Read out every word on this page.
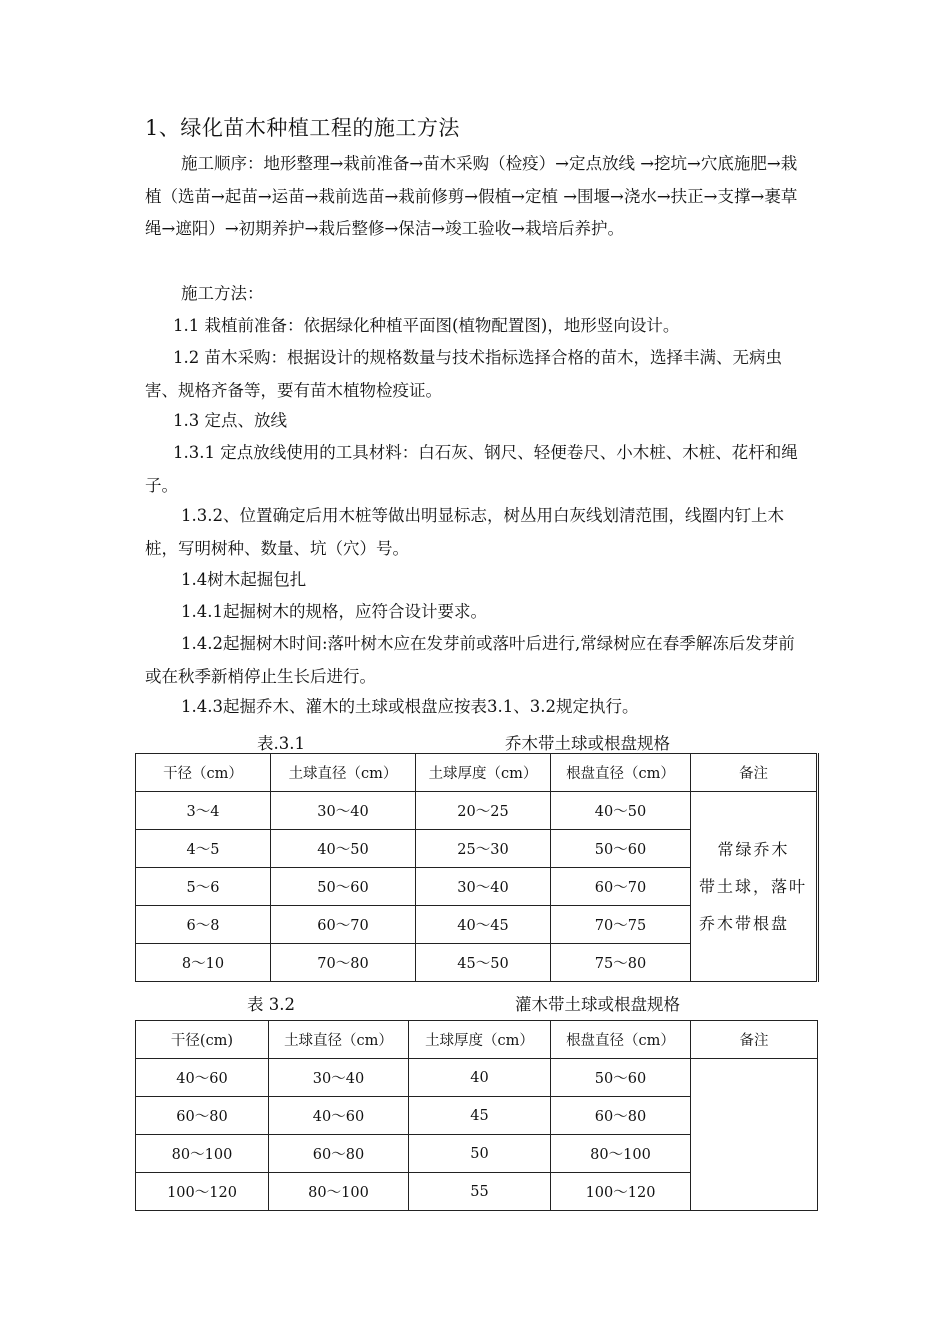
1、绿化苗木种植工程的施工方法

施工顺序：地形整理→栽前准备→苗木采购（检疫）→定点放线 →挖坑→穴底施肥→栽植（选苗→起苗→运苗→栽前选苗→栽前修剪→假植→定植 →围堰→浇水→扶正→支撑→裹草绳→遮阳）→初期养护→栽后整修→保洁→竣工验收→栽培后养护。

施工方法：

1.1 栽植前准备：依据绿化种植平面图(植物配置图)，地形竖向设计。

1.2 苗木采购：根据设计的规格数量与技术指标选择合格的苗木，选择丰满、无病虫害、规格齐备等，要有苗木植物检疫证。

1.3 定点、放线

1.3.1 定点放线使用的工具材料：白石灰、钢尺、轻便卷尺、小木桩、木桩、花杆和绳子。

1.3.2、位置确定后用木桩等做出明显标志，树丛用白灰线划清范围，线圈内钉上木桩，写明树种、数量、坑（穴）号。

1.4树木起掘包扎

1.4.1起掘树木的规格，应符合设计要求。

1.4.2起掘树木时间:落叶树木应在发芽前或落叶后进行,常绿树应在春季解冻后发芽前或在秋季新梢停止生长后进行。

1.4.3起掘乔木、灌木的土球或根盘应按表3.1、3.2规定执行。

表.3.1	乔木带土球或根盘规格
干径（cm）	土球直径（cm）	土球厚度（cm）	根盘直径（cm）	备注
3～4	30～40	20～25	40～50	常绿乔木
带土球，落叶
乔木带根盘

4～5	40～50	25～30	50～60	
5～6	50～60	30～40	60～70	
6～8	60～70	40～45	70～75	
8～10	70～80	45～50	75～80	
表 3.2	灌木带土球或根盘规格
干径(cm)	土球直径（cm）	土球厚度（cm）	根盘直径（cm）	备注
40～60	30～40	40	50～60	
60～80	40～60	45	60～80	
80～100	60～80	50	80～100	
100～120	80～100	55	100～120	
